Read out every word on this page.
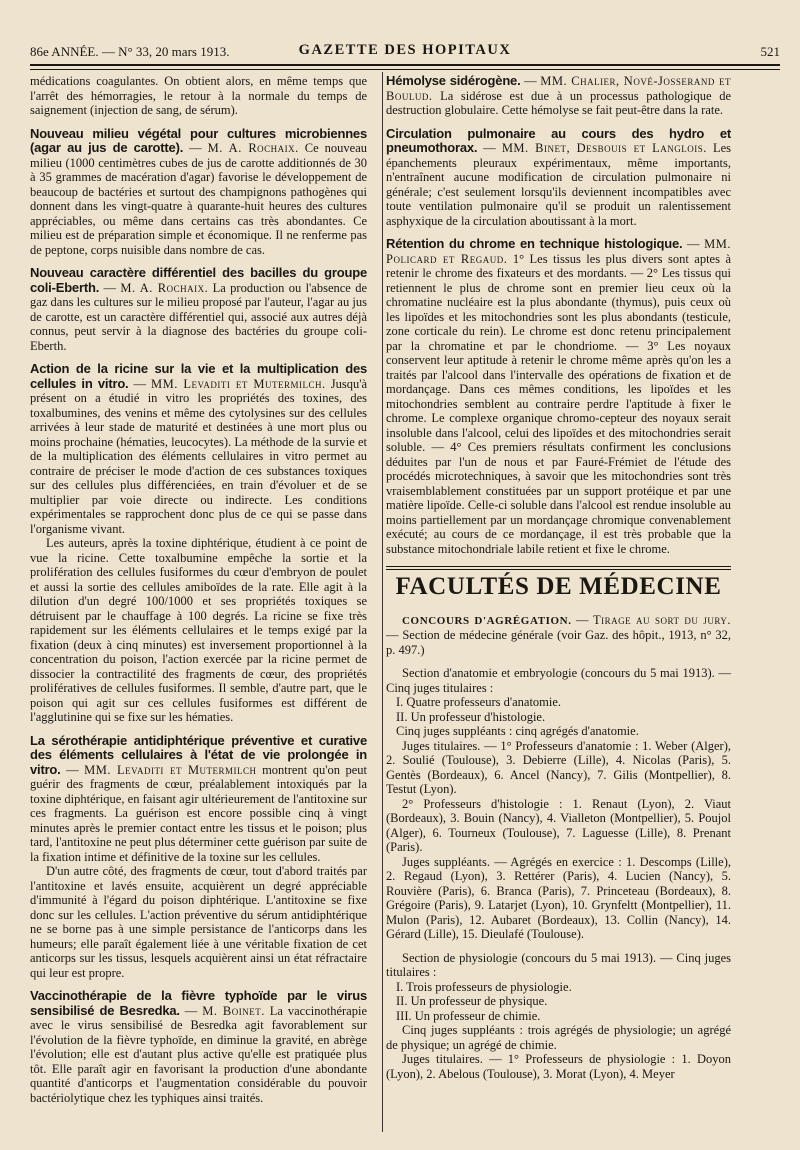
86e ANNÉE. — N° 33, 20 mars 1913.	GAZETTE DES HOPITAUX	521

médications coagulantes. On obtient alors, en même temps que l'arrêt des hémorragies, le retour à la normale du temps de saignement (injection de sang, de sérum).

Nouveau milieu végétal pour cultures microbiennes (agar au jus de carotte). — M. A. Rochaix. Ce nouveau milieu (1000 centimètres cubes de jus de carotte additionnés de 30 à 35 grammes de macération d'agar) favorise le développement de beaucoup de bactéries et surtout des champignons pathogènes qui donnent dans les vingt-quatre à quarante-huit heures des cultures appréciables, ou même dans certains cas très abondantes. Ce milieu est de préparation simple et économique. Il ne renferme pas de peptone, corps nuisible dans nombre de cas.

Nouveau caractère différentiel des bacilles du groupe coli-Eberth. — M. A. Rochaix. La production ou l'absence de gaz dans les cultures sur le milieu proposé par l'auteur, l'agar au jus de carotte, est un caractère différentiel qui, associé aux autres déjà connus, peut servir à la diagnose des bactéries du groupe coli-Eberth.

Action de la ricine sur la vie et la multiplication des cellules in vitro. — MM. Levaditi et Mutermilch. Jusqu'à présent on a étudié in vitro les propriétés des toxines, des toxalbumines, des venins et même des cytolysines sur des cellules arrivées à leur stade de maturité et destinées à une mort plus ou moins prochaine (hématies, leucocytes). La méthode de la survie et de la multiplication des éléments cellulaires in vitro permet au contraire de préciser le mode d'action de ces substances toxiques sur des cellules plus différenciées, en train d'évoluer et de se multiplier par voie directe ou indirecte. Les conditions expérimentales se rapprochent donc plus de ce qui se passe dans l'organisme vivant.

Les auteurs, après la toxine diphtérique, étudient à ce point de vue la ricine. Cette toxalbumine empêche la sortie et la prolifération des cellules fusiformes du cœur d'embryon de poulet et aussi la sortie des cellules amiboïdes de la rate. Elle agit à la dilution d'un degré 100/1000 et ses propriétés toxiques se détruisent par le chauffage à 100 degrés. La ricine se fixe très rapidement sur les éléments cellulaires et le temps exigé par la fixation (deux à cinq minutes) est inversement proportionnel à la concentration du poison, l'action exercée par la ricine permet de dissocier la contractilité des fragments de cœur, des propriétés prolifératives de cellules fusiformes. Il semble, d'autre part, que le poison qui agit sur ces cellules fusiformes est différent de l'agglutinine qui se fixe sur les hématies.

La sérothérapie antidiphtérique préventive et curative des éléments cellulaires à l'état de vie prolongée in vitro. — MM. Levaditi et Mutermilch montrent qu'on peut guérir des fragments de cœur, préalablement intoxiqués par la toxine diphtérique, en faisant agir ultérieurement de l'antitoxine sur ces fragments. La guérison est encore possible cinq à vingt minutes après le premier contact entre les tissus et le poison; plus tard, l'antitoxine ne peut plus déterminer cette guérison par suite de la fixation intime et définitive de la toxine sur les cellules.

D'un autre côté, des fragments de cœur, tout d'abord traités par l'antitoxine et lavés ensuite, acquièrent un degré appréciable d'immunité à l'égard du poison diphtérique. L'antitoxine se fixe donc sur les cellules. L'action préventive du sérum antidiphtérique ne se borne pas à une simple persistance de l'anticorps dans les humeurs; elle paraît également liée à une véritable fixation de cet anticorps sur les tissus, lesquels acquièrent ainsi un état réfractaire qui leur est propre.

Vaccinothérapie de la fièvre typhoïde par le virus sensibilisé de Besredka. — M. Boinet. La vaccinothérapie avec le virus sensibilisé de Besredka agit favorablement sur l'évolution de la fièvre typhoïde, en diminue la gravité, en abrège l'évolution; elle est d'autant plus active qu'elle est pratiquée plus tôt. Elle paraît agir en favorisant la production d'une abondante quantité d'anticorps et l'augmentation considérable du pouvoir bactériolytique chez les typhiques ainsi traités.

Hémolyse sidérogène. — MM. Chalier, Nové-Josserand et Boulud. La sidérose est due à un processus pathologique de destruction globulaire. Cette hémolyse se fait peut-être dans la rate.

Circulation pulmonaire au cours des hydro et pneumothorax. — MM. Binet, Desbouis et Langlois. Les épanchements pleuraux expérimentaux, même importants, n'entraînent aucune modification de circulation pulmonaire ni générale; c'est seulement lorsqu'ils deviennent incompatibles avec toute ventilation pulmonaire qu'il se produit un ralentissement asphyxique de la circulation aboutissant à la mort.

Rétention du chrome en technique histologique. — MM. Policard et Regaud. 1° Les tissus les plus divers sont aptes à retenir le chrome des fixateurs et des mordants. — 2° Les tissus qui retiennent le plus de chrome sont en premier lieu ceux où la chromatine nucléaire est la plus abondante (thymus), puis ceux où les lipoïdes et les mitochondries sont les plus abondants (testicule, zone corticale du rein). Le chrome est donc retenu principalement par la chromatine et par le chondriome. — 3° Les noyaux conservent leur aptitude à retenir le chrome même après qu'on les a traités par l'alcool dans l'intervalle des opérations de fixation et de mordançage. Dans ces mêmes conditions, les lipoïdes et les mitochondries semblent au contraire perdre l'aptitude à fixer le chrome. Le complexe organique chromo-cepteur des noyaux serait insoluble dans l'alcool, celui des lipoïdes et des mitochondries serait soluble. — 4° Ces premiers résultats confirment les conclusions déduites par l'un de nous et par Fauré-Frémiet de l'étude des procédés microtechniques, à savoir que les mitochondries sont très vraisemblablement constituées par un support protéique et par une matière lipoïde. Celle-ci soluble dans l'alcool est rendue insoluble au moins partiellement par un mordançage chromique convenablement exécuté; au cours de ce mordançage, il est très probable que la substance mitochondriale labile retient et fixe le chrome.

FACULTÉS DE MÉDECINE

CONCOURS D'AGRÉGATION. — Tirage au sort du jury. — Section de médecine générale (voir Gaz. des hôpit., 1913, n° 32, p. 497.)

Section d'anatomie et embryologie (concours du 5 mai 1913). — Cinq juges titulaires :

I. Quatre professeurs d'anatomie.

II. Un professeur d'histologie.

Cinq juges suppléants : cinq agrégés d'anatomie.

Juges titulaires. — 1° Professeurs d'anatomie : 1. Weber (Alger), 2. Soulié (Toulouse), 3. Debierre (Lille), 4. Nicolas (Paris), 5. Gentès (Bordeaux), 6. Ancel (Nancy), 7. Gilis (Montpellier), 8. Testut (Lyon).

2° Professeurs d'histologie : 1. Renaut (Lyon), 2. Viaut (Bordeaux), 3. Bouin (Nancy), 4. Vialleton (Montpellier), 5. Poujol (Alger), 6. Tourneux (Toulouse), 7. Laguesse (Lille), 8. Prenant (Paris).

Juges suppléants. — Agrégés en exercice : 1. Descomps (Lille), 2. Regaud (Lyon), 3. Rettérer (Paris), 4. Lucien (Nancy), 5. Rouvière (Paris), 6. Branca (Paris), 7. Princeteau (Bordeaux), 8. Grégoire (Paris), 9. Latarjet (Lyon), 10. Grynfeltt (Montpellier), 11. Mulon (Paris), 12. Aubaret (Bordeaux), 13. Collin (Nancy), 14. Gérard (Lille), 15. Dieulafé (Toulouse).

Section de physiologie (concours du 5 mai 1913). — Cinq juges titulaires :

I. Trois professeurs de physiologie.

II. Un professeur de physique.

III. Un professeur de chimie.

Cinq juges suppléants : trois agrégés de physiologie; un agrégé de physique; un agrégé de chimie.

Juges titulaires. — 1° Professeurs de physiologie : 1. Doyon (Lyon), 2. Abelous (Toulouse), 3. Morat (Lyon), 4. Meyer
